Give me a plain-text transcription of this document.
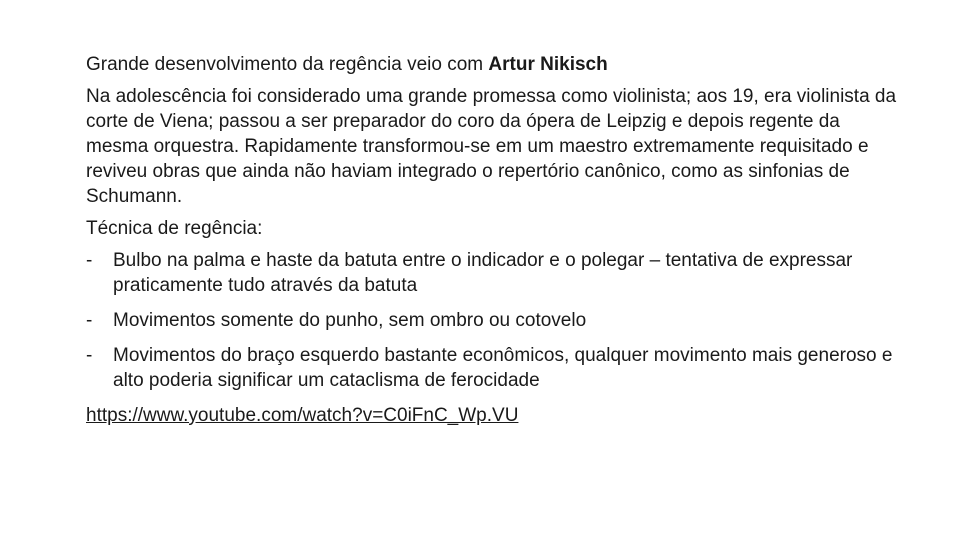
Grande desenvolvimento da regência veio com Artur Nikisch

Na adolescência foi considerado uma grande promessa como violinista; aos 19, era violinista da corte de Viena; passou a ser preparador do coro da ópera de Leipzig e depois regente da mesma orquestra. Rapidamente transformou-se em um maestro extremamente requisitado e reviveu obras que ainda não haviam integrado o repertório canônico, como as sinfonias de Schumann.

Técnica de regência:

-	Bulbo na palma e haste da batuta entre o indicador e o polegar – tentativa de expressar praticamente tudo através da batuta
-	Movimentos somente do punho, sem ombro ou cotovelo
-	Movimentos do braço esquerdo bastante econômicos, qualquer movimento mais generoso e alto poderia significar um cataclisma de ferocidade
https://www.youtube.com/watch?v=C0iFnC_Wp.VU
